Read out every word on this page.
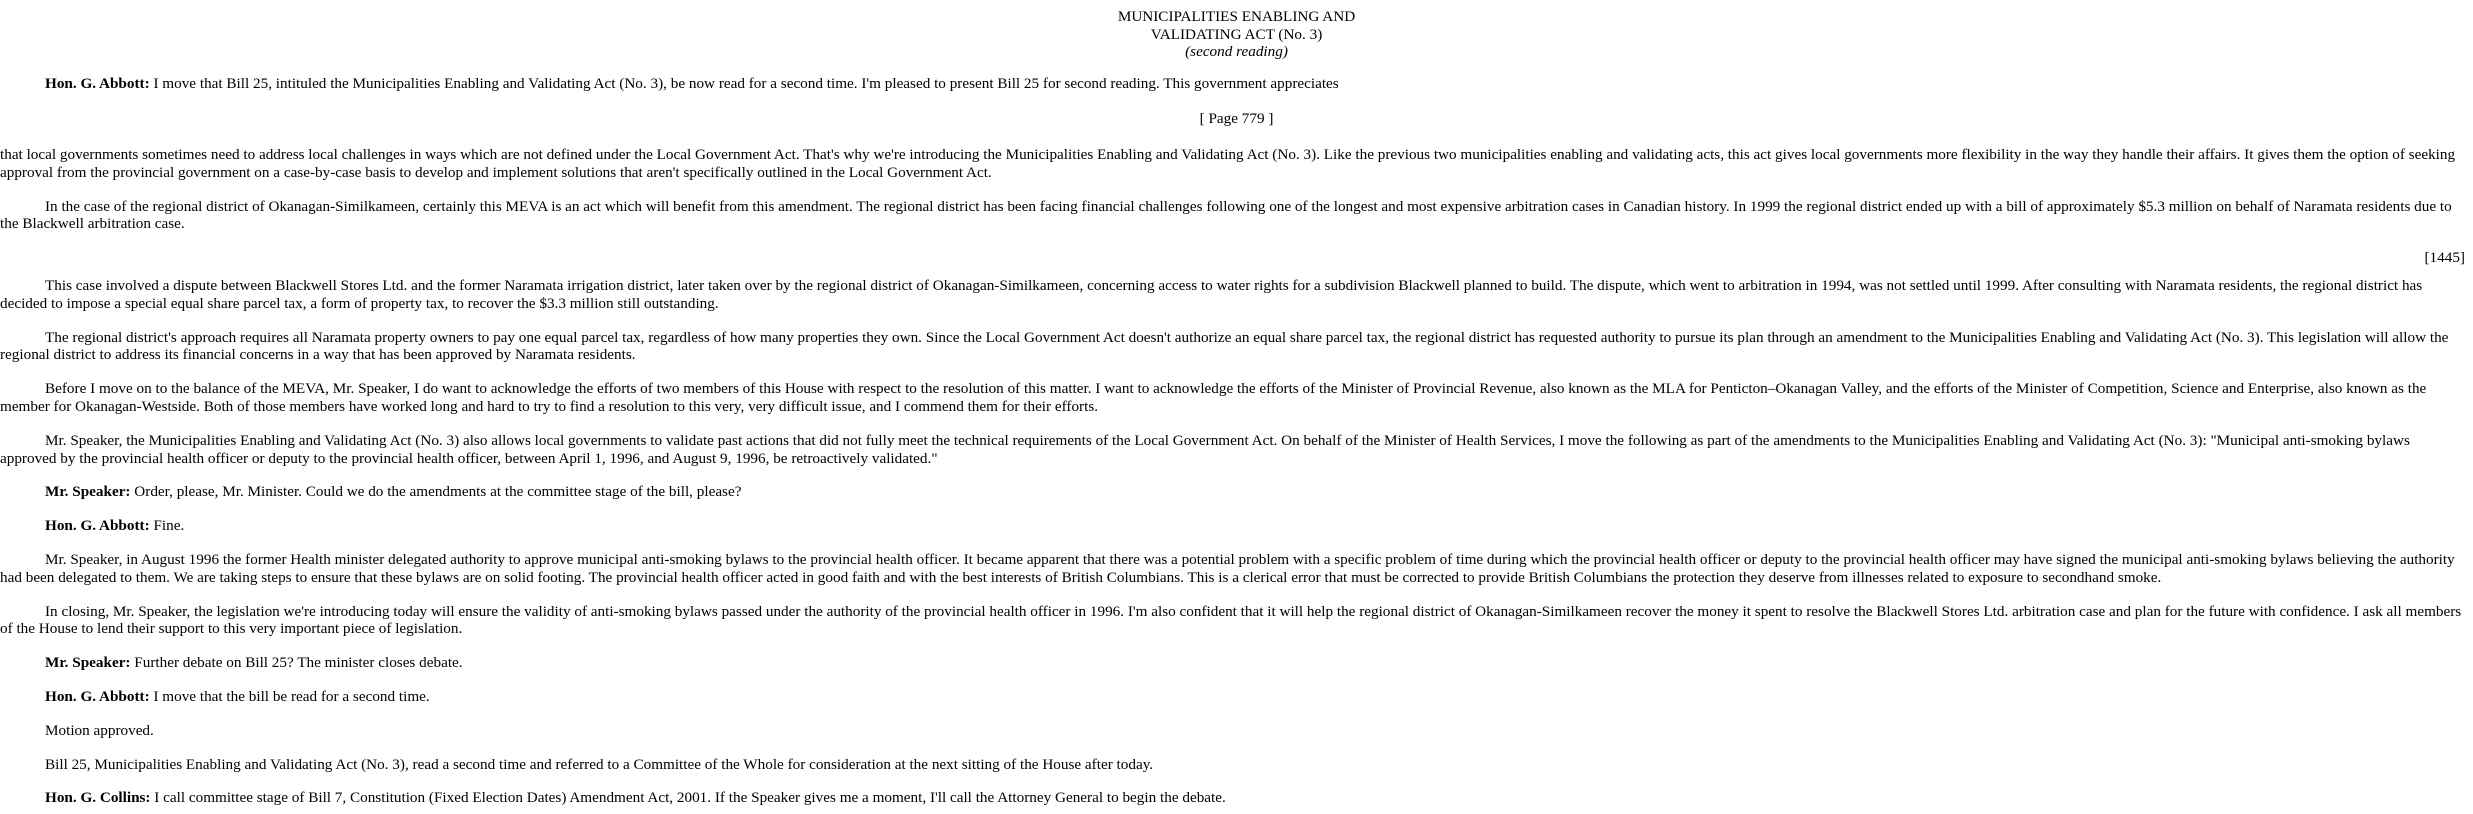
MUNICIPALITIES ENABLING AND
VALIDATING ACT (No. 3)
(second reading)

Hon. G. Abbott: I move that Bill 25, intituled the Municipalities Enabling and Validating Act (No. 3), be now read for a second time. I'm pleased to present Bill 25 for second reading. This government appreciates

[ Page 779 ]

that local governments sometimes need to address local challenges in ways which are not defined under the Local Government Act. That's why we're introducing the Municipalities Enabling and Validating Act (No. 3). Like the previous two municipalities enabling and validating acts, this act gives local governments more flexibility in the way they handle their affairs. It gives them the option of seeking approval from the provincial government on a case-by-case basis to develop and implement solutions that aren't specifically outlined in the Local Government Act.

In the case of the regional district of Okanagan-Similkameen, certainly this MEVA is an act which will benefit from this amendment. The regional district has been facing financial challenges following one of the longest and most expensive arbitration cases in Canadian history. In 1999 the regional district ended up with a bill of approximately $5.3 million on behalf of Naramata residents due to the Blackwell arbitration case.

[1445]

This case involved a dispute between Blackwell Stores Ltd. and the former Naramata irrigation district, later taken over by the regional district of Okanagan-Similkameen, concerning access to water rights for a subdivision Blackwell planned to build. The dispute, which went to arbitration in 1994, was not settled until 1999. After consulting with Naramata residents, the regional district has decided to impose a special equal share parcel tax, a form of property tax, to recover the $3.3 million still outstanding.

The regional district's approach requires all Naramata property owners to pay one equal parcel tax, regardless of how many properties they own. Since the Local Government Act doesn't authorize an equal share parcel tax, the regional district has requested authority to pursue its plan through an amendment to the Municipalities Enabling and Validating Act (No. 3). This legislation will allow the regional district to address its financial concerns in a way that has been approved by Naramata residents.

Before I move on to the balance of the MEVA, Mr. Speaker, I do want to acknowledge the efforts of two members of this House with respect to the resolution of this matter. I want to acknowledge the efforts of the Minister of Provincial Revenue, also known as the MLA for Penticton–Okanagan Valley, and the efforts of the Minister of Competition, Science and Enterprise, also known as the member for Okanagan-Westside. Both of those members have worked long and hard to try to find a resolution to this very, very difficult issue, and I commend them for their efforts.

Mr. Speaker, the Municipalities Enabling and Validating Act (No. 3) also allows local governments to validate past actions that did not fully meet the technical requirements of the Local Government Act. On behalf of the Minister of Health Services, I move the following as part of the amendments to the Municipalities Enabling and Validating Act (No. 3): "Municipal anti-smoking bylaws approved by the provincial health officer or deputy to the provincial health officer, between April 1, 1996, and August 9, 1996, be retroactively validated."

Mr. Speaker: Order, please, Mr. Minister. Could we do the amendments at the committee stage of the bill, please?

Hon. G. Abbott: Fine.

Mr. Speaker, in August 1996 the former Health minister delegated authority to approve municipal anti-smoking bylaws to the provincial health officer. It became apparent that there was a potential problem with a specific problem of time during which the provincial health officer or deputy to the provincial health officer may have signed the municipal anti-smoking bylaws believing the authority had been delegated to them. We are taking steps to ensure that these bylaws are on solid footing. The provincial health officer acted in good faith and with the best interests of British Columbians. This is a clerical error that must be corrected to provide British Columbians the protection they deserve from illnesses related to exposure to secondhand smoke.

In closing, Mr. Speaker, the legislation we're introducing today will ensure the validity of anti-smoking bylaws passed under the authority of the provincial health officer in 1996. I'm also confident that it will help the regional district of Okanagan-Similkameen recover the money it spent to resolve the Blackwell Stores Ltd. arbitration case and plan for the future with confidence. I ask all members of the House to lend their support to this very important piece of legislation.

Mr. Speaker: Further debate on Bill 25? The minister closes debate.

Hon. G. Abbott: I move that the bill be read for a second time.

Motion approved.

Bill 25, Municipalities Enabling and Validating Act (No. 3), read a second time and referred to a Committee of the Whole for consideration at the next sitting of the House after today.

Hon. G. Collins: I call committee stage of Bill 7, Constitution (Fixed Election Dates) Amendment Act, 2001. If the Speaker gives me a moment, I'll call the Attorney General to begin the debate.
